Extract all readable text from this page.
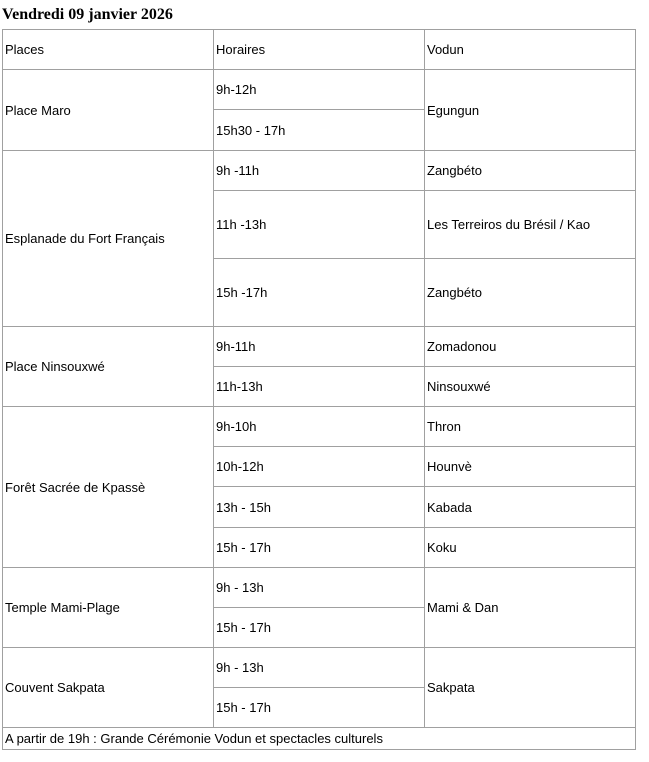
Vendredi 09 janvier 2026
Places	Horaires	Vodun
Place Maro	9h-12h	Egungun
	15h30 - 17h	
Esplanade du Fort Français	9h -11h	Zangbéto
	11h -13h	Les Terreiros du Brésil / Kao
	15h -17h	Zangbéto
Place Ninsouxwé	9h-11h	Zomadonou
	11h-13h	Ninsouxwé
Forêt Sacrée de Kpassè	9h-10h	Thron
	10h-12h	Hounvè
	13h - 15h	Kabada
	15h - 17h	Koku
Temple Mami-Plage	9h - 13h	Mami & Dan
	15h - 17h	
Couvent Sakpata	9h - 13h	Sakpata
	15h - 17h	
A partir de 19h : Grande Cérémonie Vodun et spectacles culturels		
